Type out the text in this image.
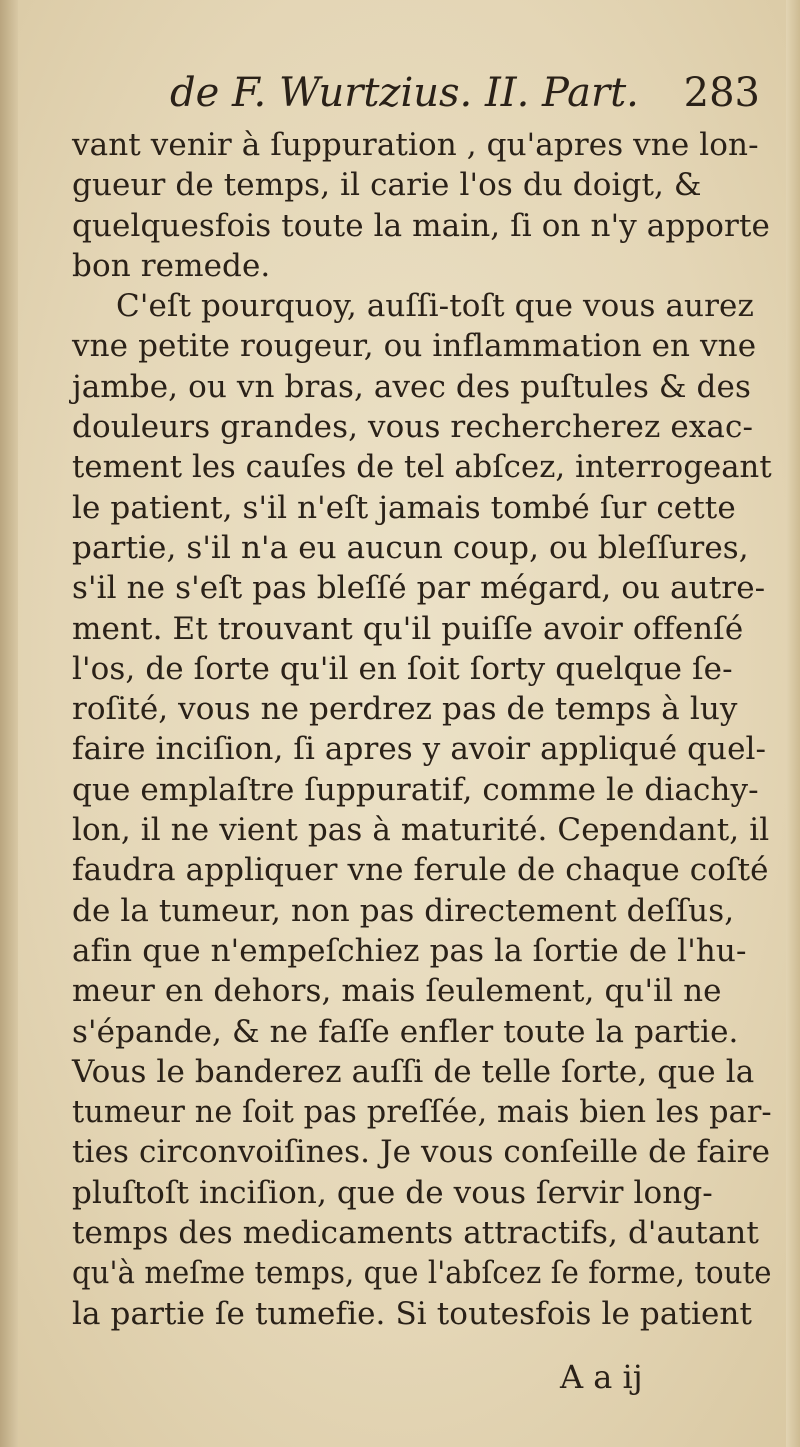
de F. Wurtzius. II. Part. 283
vant venir à ſuppuration , qu'apres vne lon-
gueur de temps, il carie l'os du doigt, &
quelquesfois toute la main, ſi on n'y apporte
bon remede.
C'eſt pourquoy, auſſi-toſt que vous aurez
vne petite rougeur, ou inflammation en vne
jambe, ou vn bras, avec des puſtules & des
douleurs grandes, vous rechercherez exac-
tement les cauſes de tel abſcez, interrogeant
le patient, s'il n'eſt jamais tombé ſur cette
partie, s'il n'a eu aucun coup, ou bleſſures,
s'il ne s'eſt pas bleſſé par mégard, ou autre-
ment. Et trouvant qu'il puiſſe avoir offenſé
l'os, de ſorte qu'il en ſoit ſorty quelque ſe-
roſité, vous ne perdrez pas de temps à luy
faire inciſion, ſi apres y avoir appliqué quel-
que emplaſtre ſuppuratif, comme le diachy-
lon, il ne vient pas à maturité. Cependant, il
faudra appliquer vne ferule de chaque coſté
de la tumeur, non pas directement deſſus,
afin que n'empeſchiez pas la ſortie de l'hu-
meur en dehors, mais ſeulement, qu'il ne
s'épande, & ne faſſe enfler toute la partie.
Vous le banderez auſſi de telle ſorte, que la
tumeur ne ſoit pas preſſée, mais bien les par-
ties circonvoiſines. Je vous conſeille de faire
pluſtoſt inciſion, que de vous ſervir long-
temps des medicaments attractifs, d'autant
qu'à meſme temps, que l'abſcez ſe forme, toute
la partie ſe tumefie. Si toutesfois le patient
A a ij
